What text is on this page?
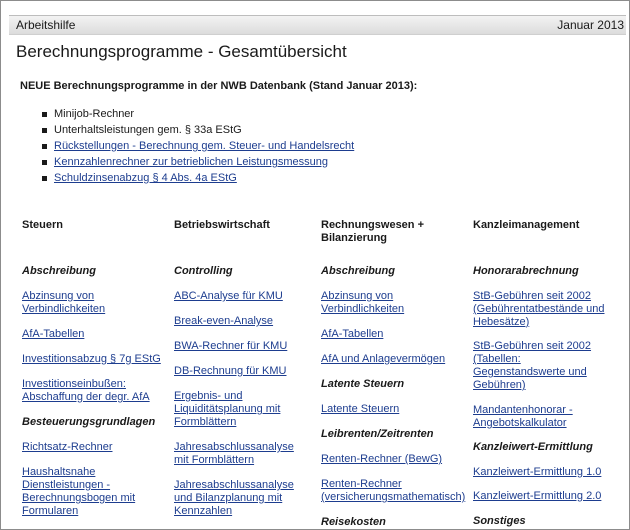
Arbeitshilfe	Januar 2013
Berechnungsprogramme - Gesamtübersicht
NEUE Berechnungsprogramme in der NWB Datenbank (Stand Januar 2013):
Minijob-Rechner
Unterhaltsleistungen gem. § 33a EStG
Rückstellungen - Berechnung gem. Steuer- und Handelsrecht
Kennzahlenrechner zur betrieblichen Leistungsmessung
Schuldzinsenabzug § 4 Abs. 4a EStG
Steuern
Abschreibung
Abzinsung von Verbindlichkeiten
AfA-Tabellen
Investitionsabzug § 7g EStG
Investitionseinbußen: Abschaffung der degr. AfA
Besteuerungsgrundlagen
Richtsatz-Rechner
Haushaltsnahe Dienstleistungen - Berechnungsbogen mit Formularen
Betriebswirtschaft
Controlling
ABC-Analyse für KMU
Break-even-Analyse
BWA-Rechner für KMU
DB-Rechnung für KMU
Ergebnis- und Liquiditätsplanung mit Formblättern
Jahresabschlussanalyse mit Formblättern
Jahresabschlussanalyse und Bilanzplanung mit Kennzahlen
Rechnungswesen + Bilanzierung
Abschreibung
Abzinsung von Verbindlichkeiten
AfA-Tabellen
AfA und Anlagevermögen
Latente Steuern
Latente Steuern
Leibrenten/Zeitrenten
Renten-Rechner (BewG)
Renten-Rechner (versicherungsmathematisch)
Reisekosten
Kanzleimanagement
Honorarabrechnung
StB-Gebühren seit 2002 (Gebührentatbestände und Hebesätze)
StB-Gebühren seit 2002 (Tabellen: Gegenstandswerte und Gebühren)
Mandantenhonorar - Angebotskalkulator
Kanzleiwert-Ermittlung
Kanzleiwert-Ermittlung 1.0
Kanzleiwert-Ermittlung 2.0
Sonstiges
